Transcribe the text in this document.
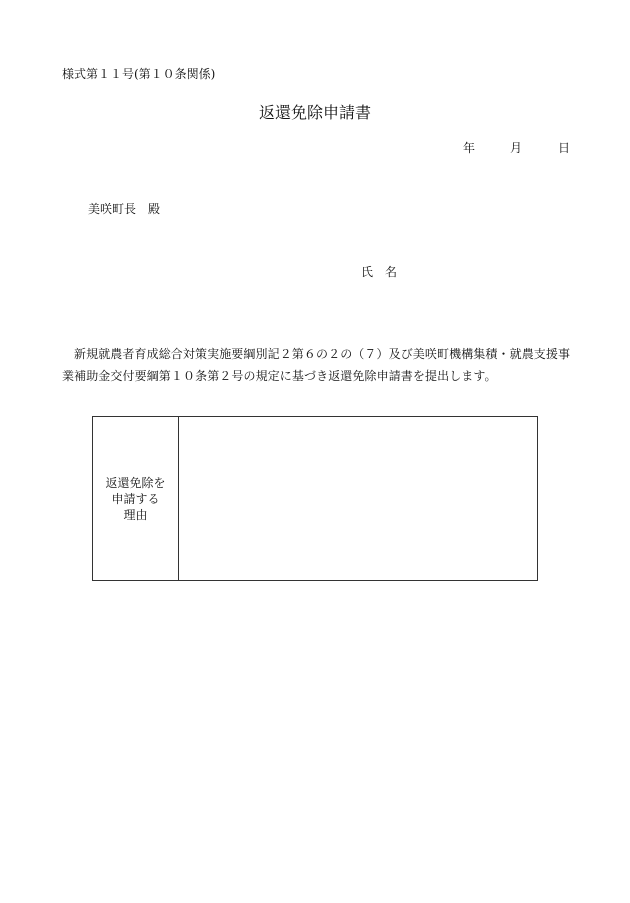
様式第１１号(第１０条関係)
返還免除申請書
年	月	日
美咲町長　殿
氏　名
新規就農者育成総合対策実施要綱別記２第６の２の（７）及び美咲町機構集積・就農支援事業補助金交付要綱第１０条第２号の規定に基づき返還免除申請書を提出します。
返還免除を
申請する
理由
